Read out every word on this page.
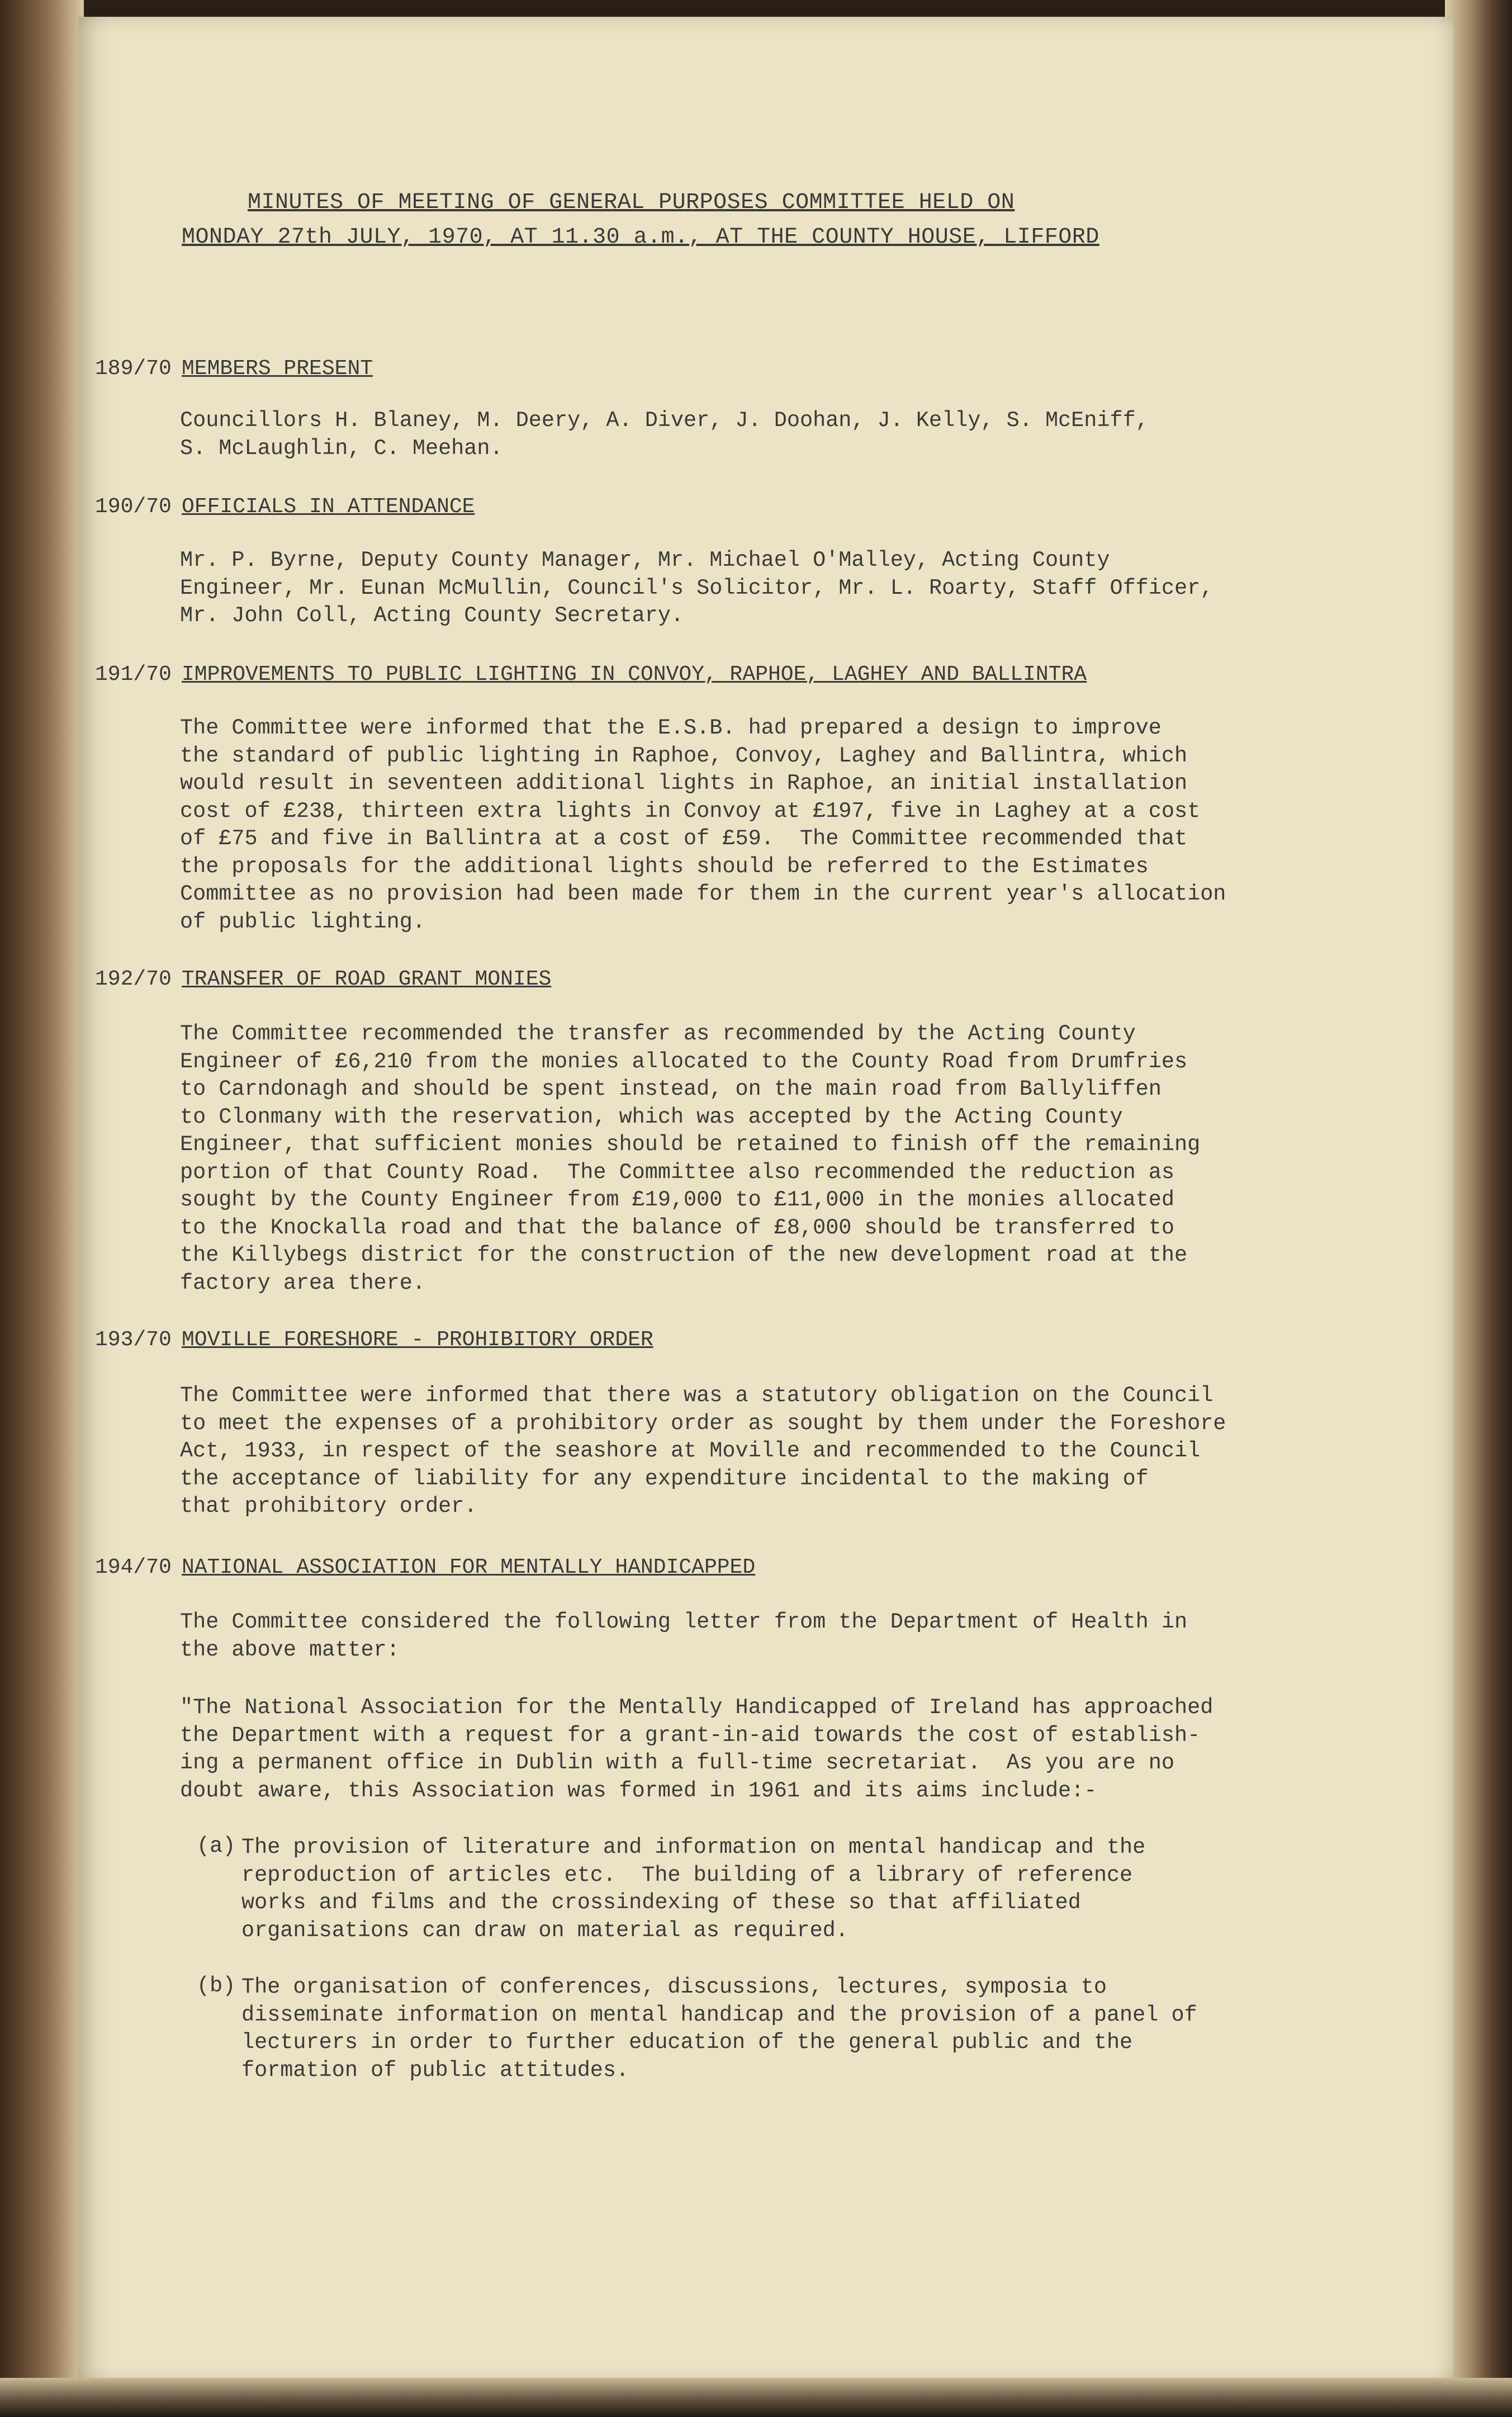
MINUTES OF MEETING OF GENERAL PURPOSES COMMITTEE HELD ON
MONDAY 27th JULY, 1970, AT 11.30 a.m., AT THE COUNTY HOUSE, LIFFORD
189/70 MEMBERS PRESENT
Councillors H. Blaney, M. Deery, A. Diver, J. Doohan, J. Kelly, S. McEniff,
S. McLaughlin, C. Meehan.
190/70 OFFICIALS IN ATTENDANCE
Mr. P. Byrne, Deputy County Manager, Mr. Michael O'Malley, Acting County
Engineer, Mr. Eunan McMullin, Council's Solicitor, Mr. L. Roarty, Staff Officer,
Mr. John Coll, Acting County Secretary.
191/70 IMPROVEMENTS TO PUBLIC LIGHTING IN CONVOY, RAPHOE, LAGHEY AND BALLINTRA
The Committee were informed that the E.S.B. had prepared a design to improve
the standard of public lighting in Raphoe, Convoy, Laghey and Ballintra, which
would result in seventeen additional lights in Raphoe, an initial installation
cost of £238, thirteen extra lights in Convoy at £197, five in Laghey at a cost
of £75 and five in Ballintra at a cost of £59.  The Committee recommended that
the proposals for the additional lights should be referred to the Estimates
Committee as no provision had been made for them in the current year's allocation
of public lighting.
192/70 TRANSFER OF ROAD GRANT MONIES
The Committee recommended the transfer as recommended by the Acting County
Engineer of £6,210 from the monies allocated to the County Road from Drumfries
to Carndonagh and should be spent instead, on the main road from Ballyliffen
to Clonmany with the reservation, which was accepted by the Acting County
Engineer, that sufficient monies should be retained to finish off the remaining
portion of that County Road.  The Committee also recommended the reduction as
sought by the County Engineer from £19,000 to £11,000 in the monies allocated
to the Knockalla road and that the balance of £8,000 should be transferred to
the Killybegs district for the construction of the new development road at the
factory area there.
193/70 MOVILLE FORESHORE - PROHIBITORY ORDER
The Committee were informed that there was a statutory obligation on the Council
to meet the expenses of a prohibitory order as sought by them under the Foreshore
Act, 1933, in respect of the seashore at Moville and recommended to the Council
the acceptance of liability for any expenditure incidental to the making of
that prohibitory order.
194/70 NATIONAL ASSOCIATION FOR MENTALLY HANDICAPPED
The Committee considered the following letter from the Department of Health in
the above matter:
"The National Association for the Mentally Handicapped of Ireland has approached
the Department with a request for a grant-in-aid towards the cost of establish-
ing a permanent office in Dublin with a full-time secretariat.  As you are no
doubt aware, this Association was formed in 1961 and its aims include:-
(a) The provision of literature and information on mental handicap and the
reproduction of articles etc.  The building of a library of reference
works and films and the crossindexing of these so that affiliated
organisations can draw on material as required.
(b) The organisation of conferences, discussions, lectures, symposia to
disseminate information on mental handicap and the provision of a panel of
lecturers in order to further education of the general public and the
formation of public attitudes.
